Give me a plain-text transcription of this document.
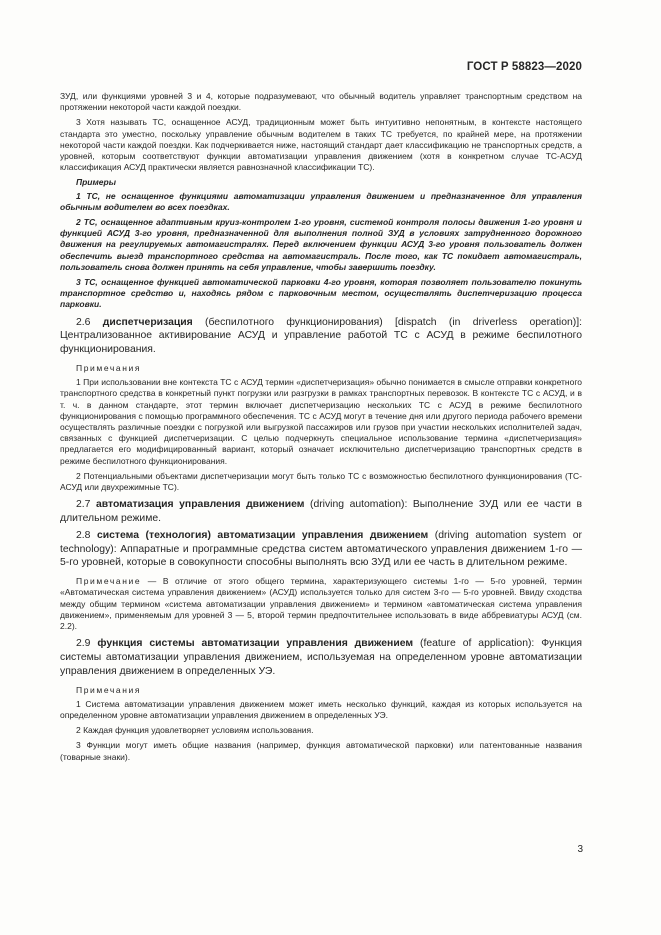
ГОСТ Р 58823—2020

ЗУД, или функциями уровней 3 и 4, которые подразумевают, что обычный водитель управляет транспортным средством на протяжении некоторой части каждой поездки.

3 Хотя называть ТС, оснащенное АСУД, традиционным может быть интуитивно непонятным, в контексте настоящего стандарта это уместно, поскольку управление обычным водителем в таких ТС требуется, по крайней мере, на протяжении некоторой части каждой поездки. Как подчеркивается ниже, настоящий стандарт дает классификацию не транспортных средств, а уровней, которым соответствуют функции автоматизации управления движением (хотя в конкретном случае ТС-АСУД классификация АСУД практически является равнозначной классификации ТС).

Примеры

1 ТС, не оснащенное функциями автоматизации управления движением и предназначенное для управления обычным водителем во всех поездках.

2 ТС, оснащенное адаптивным круиз-контролем 1-го уровня, системой контроля полосы движения 1-го уровня и функцией АСУД 3-го уровня, предназначенной для выполнения полной ЗУД в условиях затрудненного дорожного движения на регулируемых автомагистралях. Перед включением функции АСУД 3-го уровня пользователь должен обеспечить выезд транспортного средства на автомагистраль. После того, как ТС покидает автомагистраль, пользователь снова должен принять на себя управление, чтобы завершить поездку.

3 ТС, оснащенное функцией автоматической парковки 4-го уровня, которая позволяет пользователю покинуть транспортное средство и, находясь рядом с парковочным местом, осуществлять диспетчеризацию процесса парковки.

2.6 диспетчеризация (беспилотного функционирования) [dispatch (in driverless operation)]: Централизованное активирование АСУД и управление работой ТС с АСУД в режиме беспилотного функционирования.

Примечания

1 При использовании вне контекста ТС с АСУД термин «диспетчеризация» обычно понимается в смысле отправки конкретного транспортного средства в конкретный пункт погрузки или разгрузки в рамках транспортных перевозок. В контексте ТС с АСУД, и в т. ч. в данном стандарте, этот термин включает диспетчеризацию нескольких ТС с АСУД в режиме беспилотного функционирования с помощью программного обеспечения. ТС с АСУД могут в течение дня или другого периода рабочего времени осуществлять различные поездки с погрузкой или выгрузкой пассажиров или грузов при участии нескольких исполнителей задач, связанных с функцией диспетчеризации. С целью подчеркнуть специальное использование термина «диспетчеризация» предлагается его модифицированный вариант, который означает исключительно диспетчеризацию транспортных средств в режиме беспилотного функционирования.

2 Потенциальными объектами диспетчеризации могут быть только ТС с возможностью беспилотного функционирования (ТС-АСУД или двухрежимные ТС).

2.7 автоматизация управления движением (driving automation): Выполнение ЗУД или ее части в длительном режиме.

2.8 система (технология) автоматизации управления движением (driving automation system or technology): Аппаратные и программные средства систем автоматического управления движением 1-го — 5-го уровней, которые в совокупности способны выполнять всю ЗУД или ее часть в длительном режиме.

Примечание — В отличие от этого общего термина, характеризующего системы 1-го — 5-го уровней, термин «Автоматическая система управления движением» (АСУД) используется только для систем 3-го — 5-го уровней. Ввиду сходства между общим термином «система автоматизации управления движением» и термином «автоматическая система управления движением», применяемым для уровней 3 — 5, второй термин предпочтительнее использовать в виде аббревиатуры АСУД (см. 2.2).

2.9 функция системы автоматизации управления движением (feature of application): Функция системы автоматизации управления движением, используемая на определенном уровне автоматизации управления движением в определенных УЭ.

Примечания

1 Система автоматизации управления движением может иметь несколько функций, каждая из которых используется на определенном уровне автоматизации управления движением в определенных УЭ.

2 Каждая функция удовлетворяет условиям использования.

3 Функции могут иметь общие названия (например, функция автоматической парковки) или патентованные названия (товарные знаки).

3
